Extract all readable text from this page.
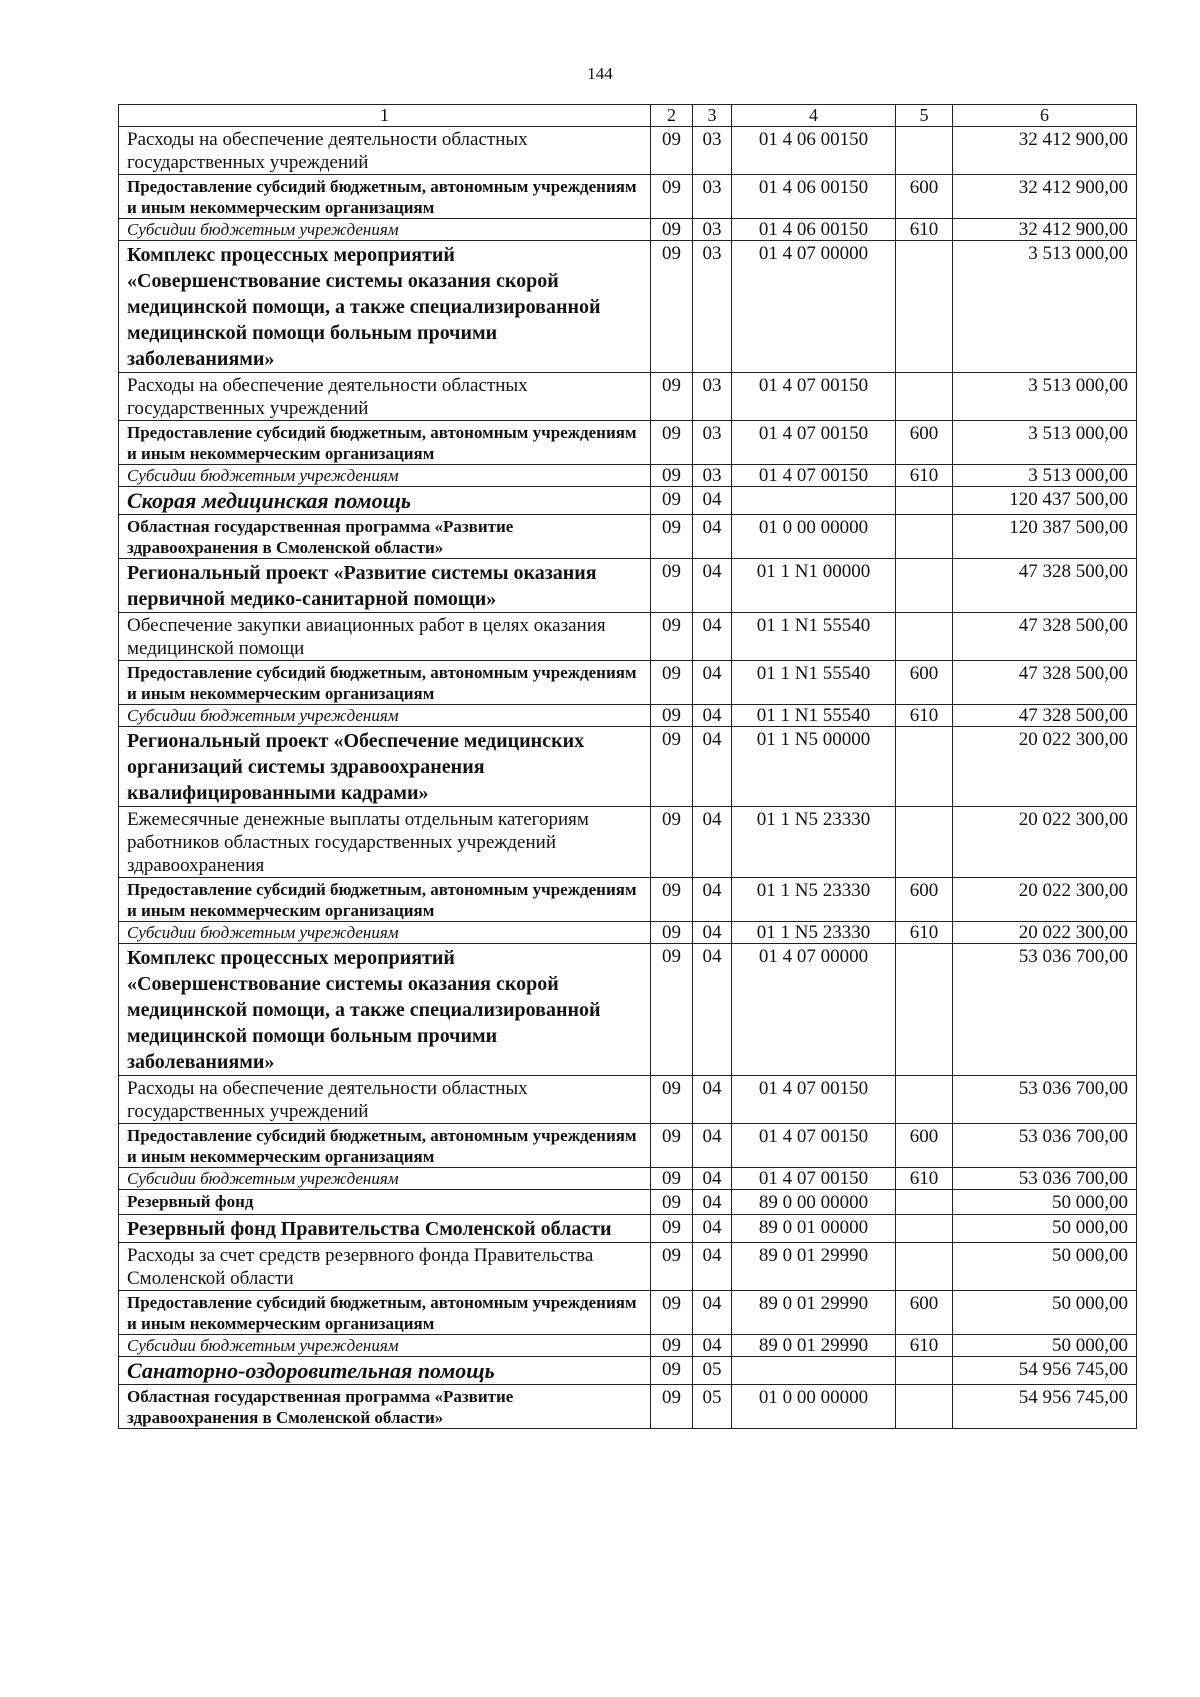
144
1	2	3	4	5	6
Расходы на обеспечение деятельности областных государственных учреждений	09	03	01 4 06 00150		32 412 900,00
Предоставление субсидий бюджетным, автономным учреждениям и иным некоммерческим организациям	09	03	01 4 06 00150	600	32 412 900,00
Субсидии бюджетным учреждениям	09	03	01 4 06 00150	610	32 412 900,00
Комплекс процессных мероприятий «Совершенствование системы оказания скорой медицинской помощи, а также специализированной медицинской помощи больным прочими заболеваниями»	09	03	01 4 07 00000		3 513 000,00
Расходы на обеспечение деятельности областных государственных учреждений	09	03	01 4 07 00150		3 513 000,00
Предоставление субсидий бюджетным, автономным учреждениям и иным некоммерческим организациям	09	03	01 4 07 00150	600	3 513 000,00
Субсидии бюджетным учреждениям	09	03	01 4 07 00150	610	3 513 000,00
Скорая медицинская помощь	09	04			120 437 500,00
Областная государственная программа «Развитие здравоохранения в Смоленской области»	09	04	01 0 00 00000		120 387 500,00
Региональный проект «Развитие системы оказания первичной медико-санитарной помощи»	09	04	01 1 N1 00000		47 328 500,00
Обеспечение закупки авиационных работ в целях оказания медицинской помощи	09	04	01 1 N1 55540		47 328 500,00
Предоставление субсидий бюджетным, автономным учреждениям и иным некоммерческим организациям	09	04	01 1 N1 55540	600	47 328 500,00
Субсидии бюджетным учреждениям	09	04	01 1 N1 55540	610	47 328 500,00
Региональный проект «Обеспечение медицинских организаций системы здравоохранения квалифицированными кадрами»	09	04	01 1 N5 00000		20 022 300,00
Ежемесячные денежные выплаты отдельным категориям работников областных государственных учреждений здравоохранения	09	04	01 1 N5 23330		20 022 300,00
Предоставление субсидий бюджетным, автономным учреждениям и иным некоммерческим организациям	09	04	01 1 N5 23330	600	20 022 300,00
Субсидии бюджетным учреждениям	09	04	01 1 N5 23330	610	20 022 300,00
Комплекс процессных мероприятий «Совершенствование системы оказания скорой медицинской помощи, а также специализированной медицинской помощи больным прочими заболеваниями»	09	04	01 4 07 00000		53 036 700,00
Расходы на обеспечение деятельности областных государственных учреждений	09	04	01 4 07 00150		53 036 700,00
Предоставление субсидий бюджетным, автономным учреждениям и иным некоммерческим организациям	09	04	01 4 07 00150	600	53 036 700,00
Субсидии бюджетным учреждениям	09	04	01 4 07 00150	610	53 036 700,00
Резервный фонд	09	04	89 0 00 00000		50 000,00
Резервный фонд Правительства Смоленской области	09	04	89 0 01 00000		50 000,00
Расходы за счет средств резервного фонда Правительства Смоленской области	09	04	89 0 01 29990		50 000,00
Предоставление субсидий бюджетным, автономным учреждениям и иным некоммерческим организациям	09	04	89 0 01 29990	600	50 000,00
Субсидии бюджетным учреждениям	09	04	89 0 01 29990	610	50 000,00
Санаторно-оздоровительная помощь	09	05			54 956 745,00
Областная государственная программа «Развитие здравоохранения в Смоленской области»	09	05	01 0 00 00000		54 956 745,00
